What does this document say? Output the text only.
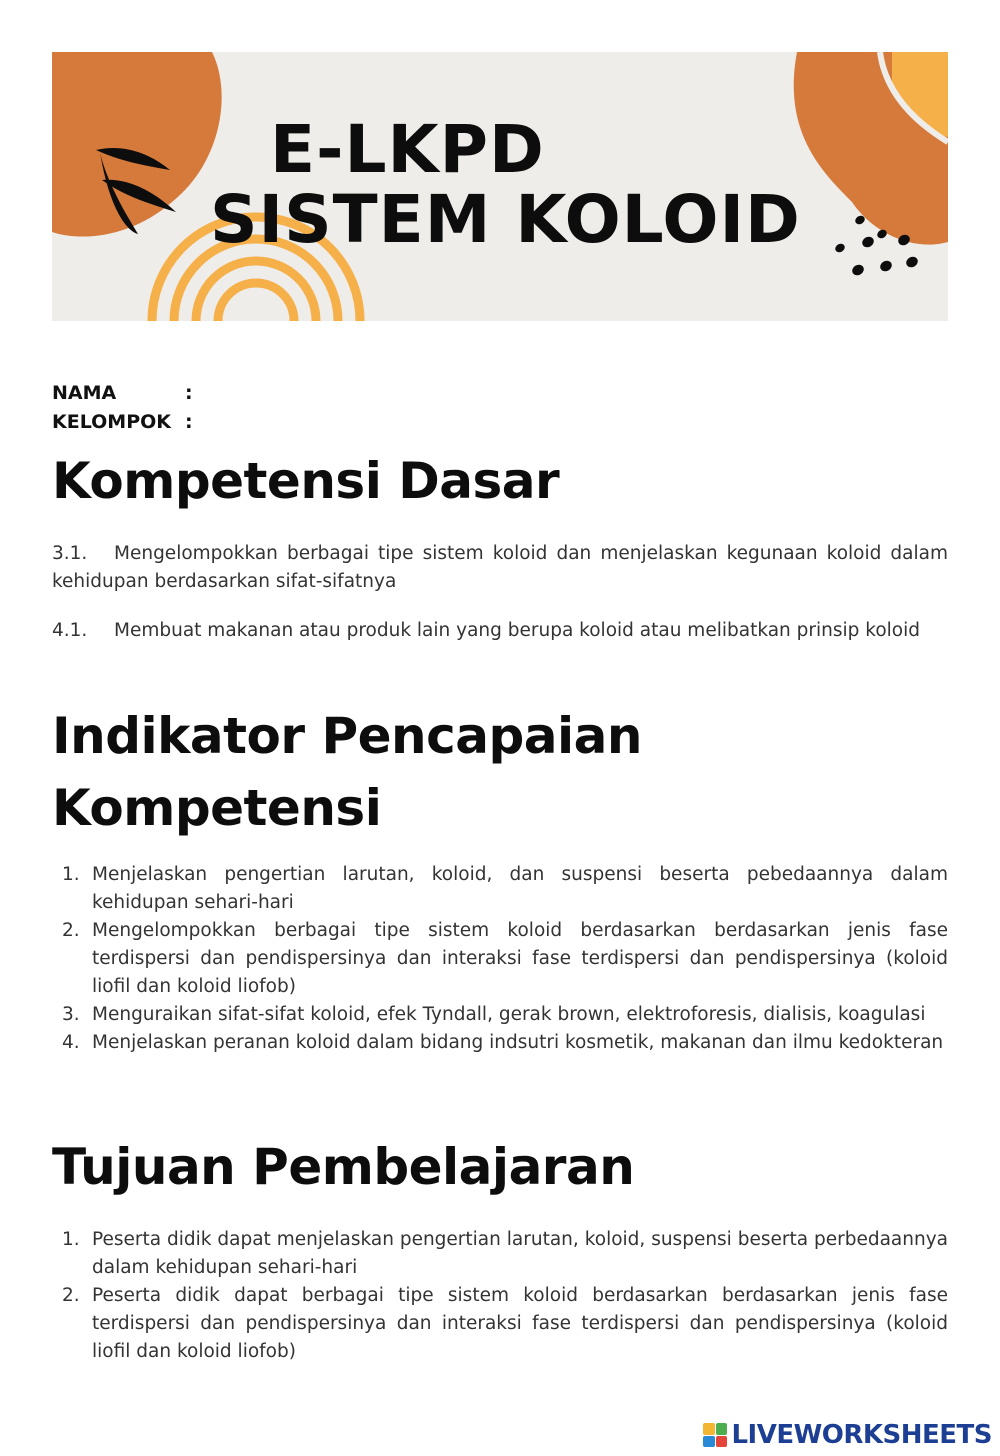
E-LKPD

SISTEM KOLOID

NAMA	:
KELOMPOK :
Kompetensi Dasar

3.1. Mengelompokkan berbagai tipe sistem koloid dan menjelaskan kegunaan koloid dalam kehidupan berdasarkan sifat-sifatnya

4.1. Membuat makanan atau produk lain yang berupa koloid atau melibatkan prinsip koloid

Indikator Pencapaian Kompetensi
1. Menjelaskan pengertian larutan, koloid, dan suspensi beserta pebedaannya dalam kehidupan sehari-hari
2. Mengelompokkan berbagai tipe sistem koloid berdasarkan berdasarkan jenis fase terdispersi dan pendispersinya dan interaksi fase terdispersi dan pendispersinya (koloid liofil dan koloid liofob)
3. Menguraikan sifat-sifat koloid, efek Tyndall, gerak brown, elektroforesis, dialisis, koagulasi
4. Menjelaskan peranan koloid dalam bidang indsutri kosmetik, makanan dan ilmu kedokteran
Tujuan Pembelajaran
1. Peserta didik dapat menjelaskan pengertian larutan, koloid, suspensi beserta perbedaannya dalam kehidupan sehari-hari
2. Peserta didik dapat berbagai tipe sistem koloid berdasarkan berdasarkan jenis fase terdispersi dan pendispersinya dan interaksi fase terdispersi dan pendispersinya (koloid liofil dan koloid liofob)
LIVEWORKSHEETS
